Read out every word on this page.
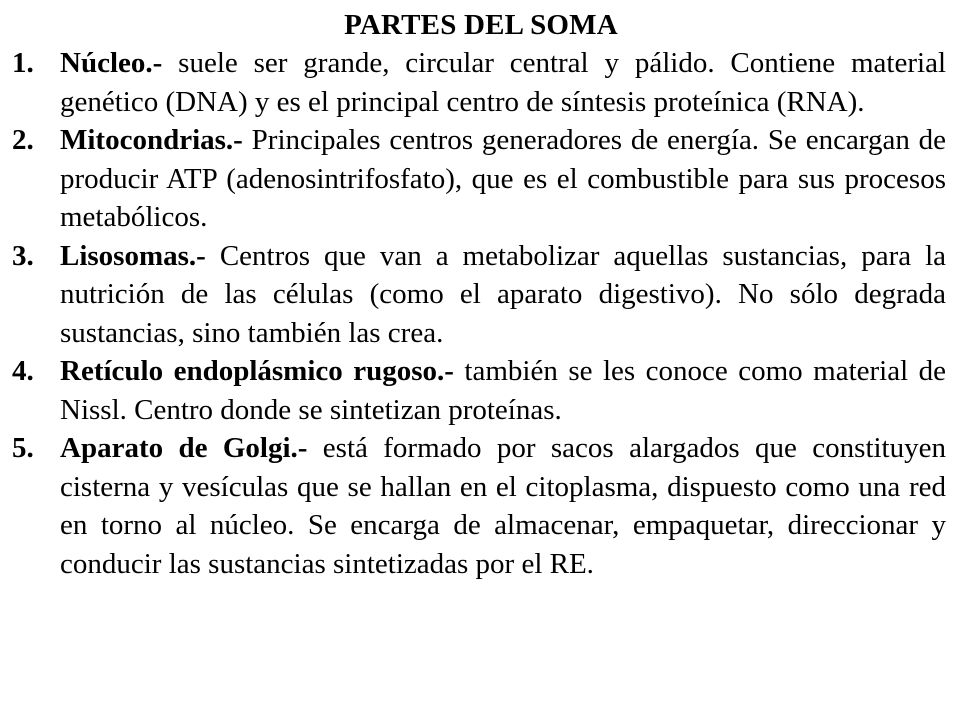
PARTES DEL SOMA
1. Núcleo.- suele ser grande, circular central y pálido. Contiene material genético (DNA) y es el principal centro de síntesis proteínica (RNA).
2. Mitocondrias.- Principales centros generadores de energía. Se encargan de producir ATP (adenosintrifosfato), que es el combustible para sus procesos metabólicos.
3. Lisosomas.- Centros que van a metabolizar aquellas sustancias, para la nutrición de las células (como el aparato digestivo). No sólo degrada sustancias, sino también las crea.
4. Retículo endoplásmico rugoso.- también se les conoce como material de Nissl. Centro donde se sintetizan proteínas.
5. Aparato de Golgi.- está formado por sacos alargados que constituyen cisterna y vesículas que se hallan en el citoplasma, dispuesto como una red en torno al núcleo. Se encarga de almacenar, empaquetar, direccionar y conducir las sustancias sintetizadas por el RE.
